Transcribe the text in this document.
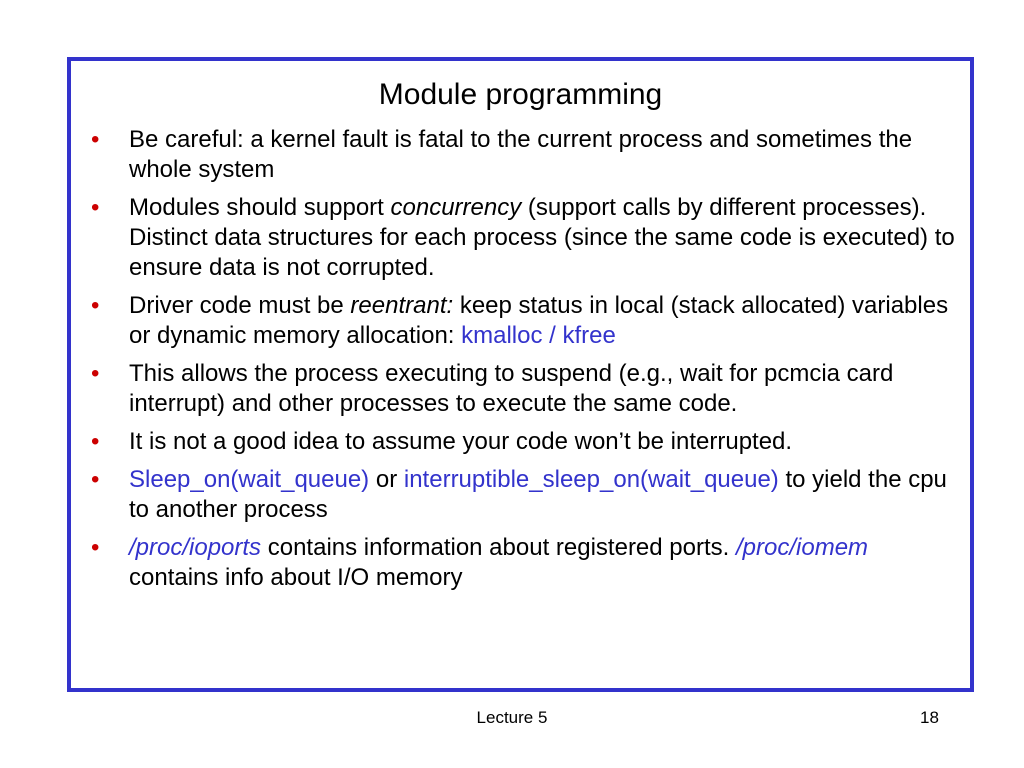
Module programming
• Be careful: a kernel fault is fatal to the current process and sometimes the whole system
• Modules should support concurrency (support calls by different processes). Distinct data structures for each process (since the same code is executed) to ensure data is not corrupted.
• Driver code must be reentrant: keep status in local (stack allocated) variables or dynamic memory allocation: kmalloc / kfree
• This allows the process executing to suspend (e.g., wait for pcmcia card interrupt) and other processes to execute the same code.
• It is not a good idea to assume your code won’t be interrupted.
• Sleep_on(wait_queue) or interruptible_sleep_on(wait_queue) to yield the cpu to another process
• /proc/ioports contains information about registered ports. /proc/iomem contains info about I/O memory
Lecture 5	18
